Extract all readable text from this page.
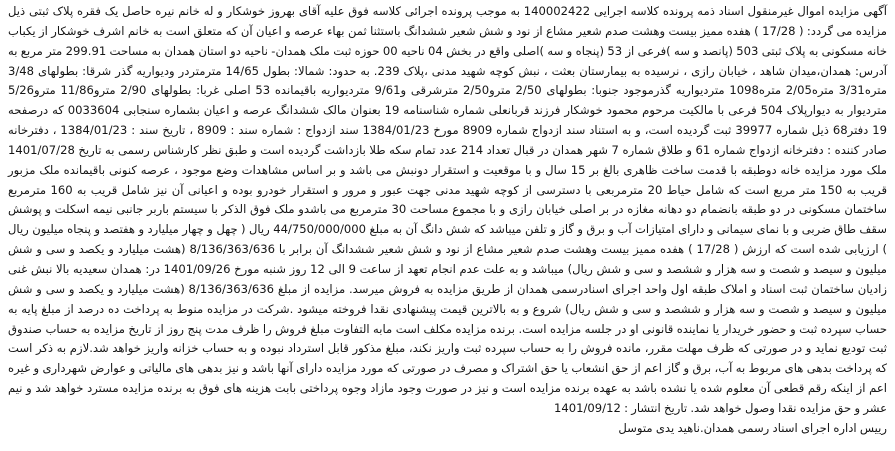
آگهی مزایده اموال غیرمنقول اسناد ذمه پرونده کلاسه اجرایی 140002422 به موجب پرونده اجرائی کلاسه فوق علیه آقای بهروز خوشکار و له خانم نیره حاصل یک فقره پلاک ثبتی ذیل مزایده می گردد: ( 17/28 ) هفده ممیز بیست وهشت صدم شعیر مشاع از نود و شش شعیر ششدانگ باستثنا ثمن بهاء عرصه و اعیان آن که متعلق است به خانم اشرف خوشکار از یکباب خانه مسکونی به پلاک ثبتی 503 (پانصد و سه )فرعی از 53 (پنجاه و سه )اصلی واقع در بخش 04 ناحیه 00 حوزه ثبت ملک همدان- ناحیه دو استان همدان به مساحت 299.91 متر مربع به آدرس: همدان،میدان شاهد ، خیابان رازی ، نرسیده به بیمارستان بعثت ، نبش کوچه شهید مدنی ،پلاک 239. به حدود: شمالا: بطول 14/65 مترمتردر ودیواریه گذر شرقا: بطولهای 3/48 متره3/31 متره2/05 متره1098 متردیواریه گذرموجود جنوبا: بطولهای 2/50 مترو2/50 مترشرقی و9/61 متردیواریه باقیمانده 53 اصلی غربا: بطولهای 2/90 مترو11/86 مترو5/26 متردیوار به دیوارپلاک 504 فرعی با مالکیت مرحوم محمود خوشکار فرزند قربانعلی شماره شناسنامه 19 بعنوان مالک ششدانگ عرصه و اعیان بشماره سنجابی 0033604 که درصفحه 19 دفتر68 ذیل شماره 39977 ثبت گردیده است، و به استناد سند ازدواج شماره 8909 مورخ 1384/01/23 سند ازدواج : شماره سند : 8909 ، تاریخ سند : 1384/01/23 ، دفترخانه صادر کننده : دفترخانه ازدواج شماره 61 و طلاق شماره 7 شهر همدان در قبال تعداد 214 عدد تمام سکه طلا بازداشت گردیده است و طبق نظر کارشناس رسمی به تاریخ 1401/07/28 ملک مورد مزایده خانه دوطبقه با قدمت ساخت ظاهری بالغ بر 15 سال و با موقعیت و استقرار دونبش می باشد و بر اساس مشاهدات وضع موجود ، عرصه کنونی باقیمانده ملک مزبور قریب به 150 متر مربع است که شامل حیاط 20 مترمربعی با دسترسی از کوچه شهید مدنی جهت عبور و مرور و استقرار خودرو بوده و اعیانی آن نیز شامل قریب به 160 مترمربع ساختمان مسکونی در دو طبقه بانضمام دو دهانه مغازه در بر اصلی خیابان رازی و با مجموع مساحت 30 مترمربع می باشدو ملک فوق الذکر با سیستم باربر جانبی نیمه اسکلت و پوشش سقف طاق ضربی و با نمای سیمانی و دارای امتیازات آب و برق و گاز و تلفن میباشد که شش دانگ آن به مبلغ 44/750/000/000 ریال ( چهل و چهار میلیارد و هفتصد و پنجاه میلیون ریال ) ارزیابی شده است که ارزش ( 17/28 ) هفده ممیز بیست وهشت صدم شعیر مشاع از نود و شش شعیر ششدانگ آن برابر با 8/136/363/636 (هشت میلیارد و یکصد و سی و شش میلیون و سیصد و شصت و سه هزار و ششصد و سی و شش ریال) میباشد و به علت عدم انجام تعهد از ساعت 9 الی 12 روز شنبه مورخ 1401/09/26 در: همدان سعیدیه بالا نبش غنی زادیان ساختمان ثبت اسناد و املاک طبقه اول واحد اجرای اسنادرسمی همدان از طریق مزایده به فروش میرسد. مزایده از مبلغ 8/136/363/636 (هشت میلیارد و یکصد و سی و شش میلیون و سیصد و شصت و سه هزار و ششصد و سی و شش ریال) شروع و به بالاترین قیمت پیشنهادی نقدا فروخته میشود .شرکت در مزایده منوط به پرداخت ده درصد از مبلغ پایه به حساب سپرده ثبت و حضور خریدار یا نماینده قانونی او در جلسه مزایده است. برنده مزایده مکلف است مابه التفاوت مبلغ فروش را ظرف مدت پنج روز از تاریخ مزایده به حساب صندوق ثبت تودیع نماید و در صورتی که ظرف مهلت مقرر، مانده فروش را به حساب سپرده ثبت واریز نکند، مبلغ مذکور قابل استرداد نبوده و به حساب خزانه واریز خواهد شد.لازم به ذکر است که پرداخت بدهی های مربوط به آب، برق و گاز اعم از حق انشعاب یا حق اشتراک و مصرف در صورتی که مورد مزایده دارای آنها باشد و نیز بدهی های مالیاتی و عوارض شهرداری و غیره اعم از اینکه رقم قطعی آن معلوم شده یا نشده باشد به عهده برنده مزایده است و نیز در صورت وجود مازاد وجوه پرداختی بابت هزینه های فوق به برنده مزایده مسترد خواهد شد و نیم عشر و حق مزایده نقدا وصول خواهد شد. تاریخ انتشار : 1401/09/12
رییس اداره اجرای اسناد رسمی همدان.ناهید یدی متوسل
